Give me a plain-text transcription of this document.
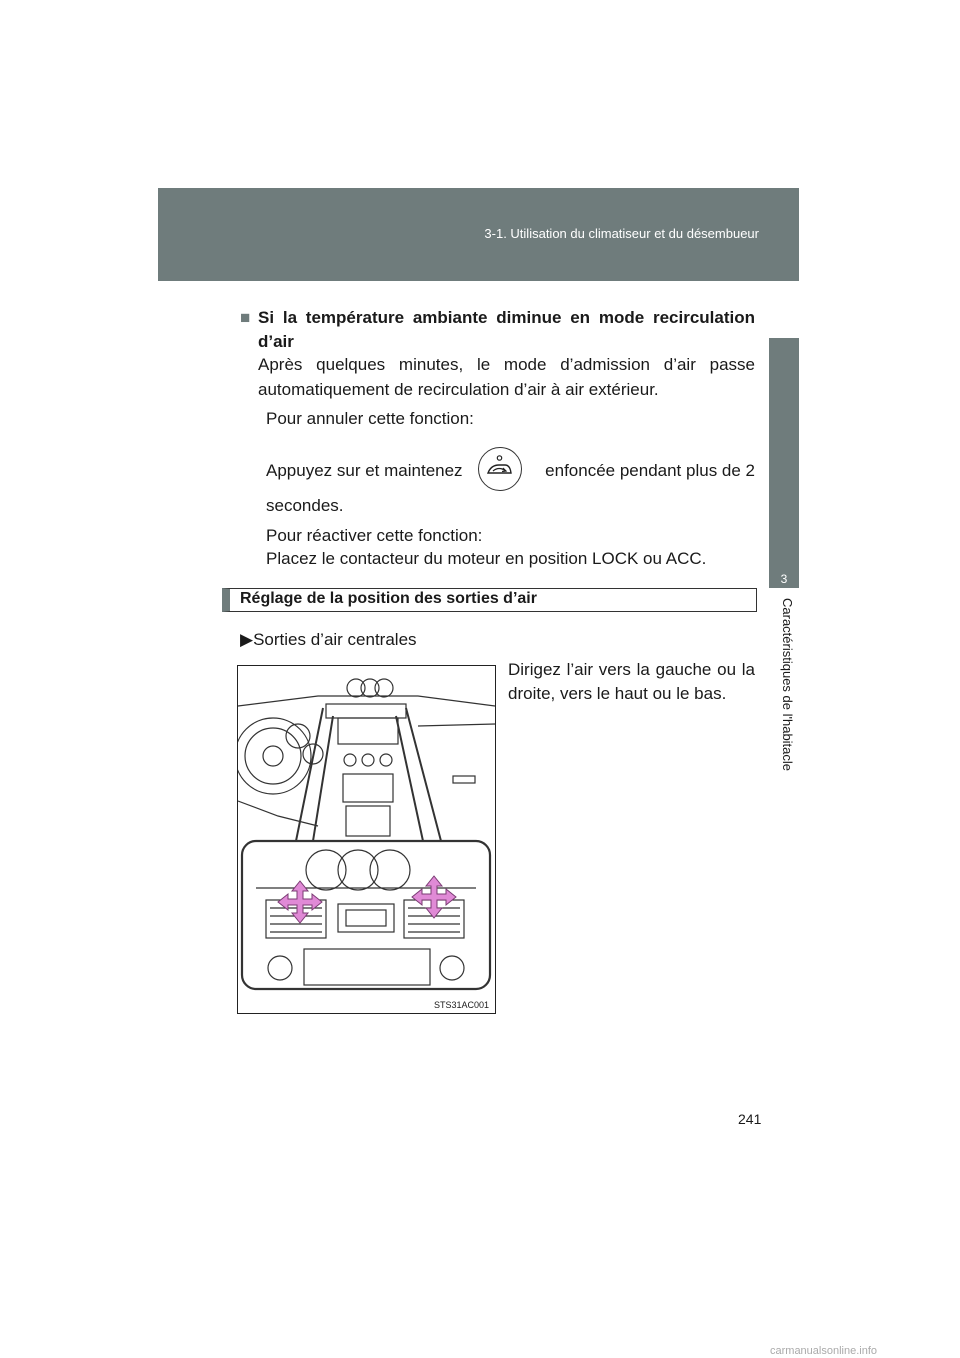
3-1. Utilisation du climatiseur et du désembueur
3
Caractéristiques de l'habitacle
■ Si la température ambiante diminue en mode recirculation
d’air
Après quelques minutes, le mode d’admission d’air passe
automatiquement de recirculation d’air à air extérieur.
Pour annuler cette fonction:
Appuyez sur et maintenez	enfoncée pendant plus de 2
secondes.
Pour réactiver cette fonction:
Placez le contacteur du moteur en position LOCK ou ACC.
Réglage de la position des sorties d’air
▶Sorties d’air centrales
Dirigez l’air vers la gauche ou la
droite, vers le haut ou le bas.
STS31AC001
241
carmanualsonline.info
